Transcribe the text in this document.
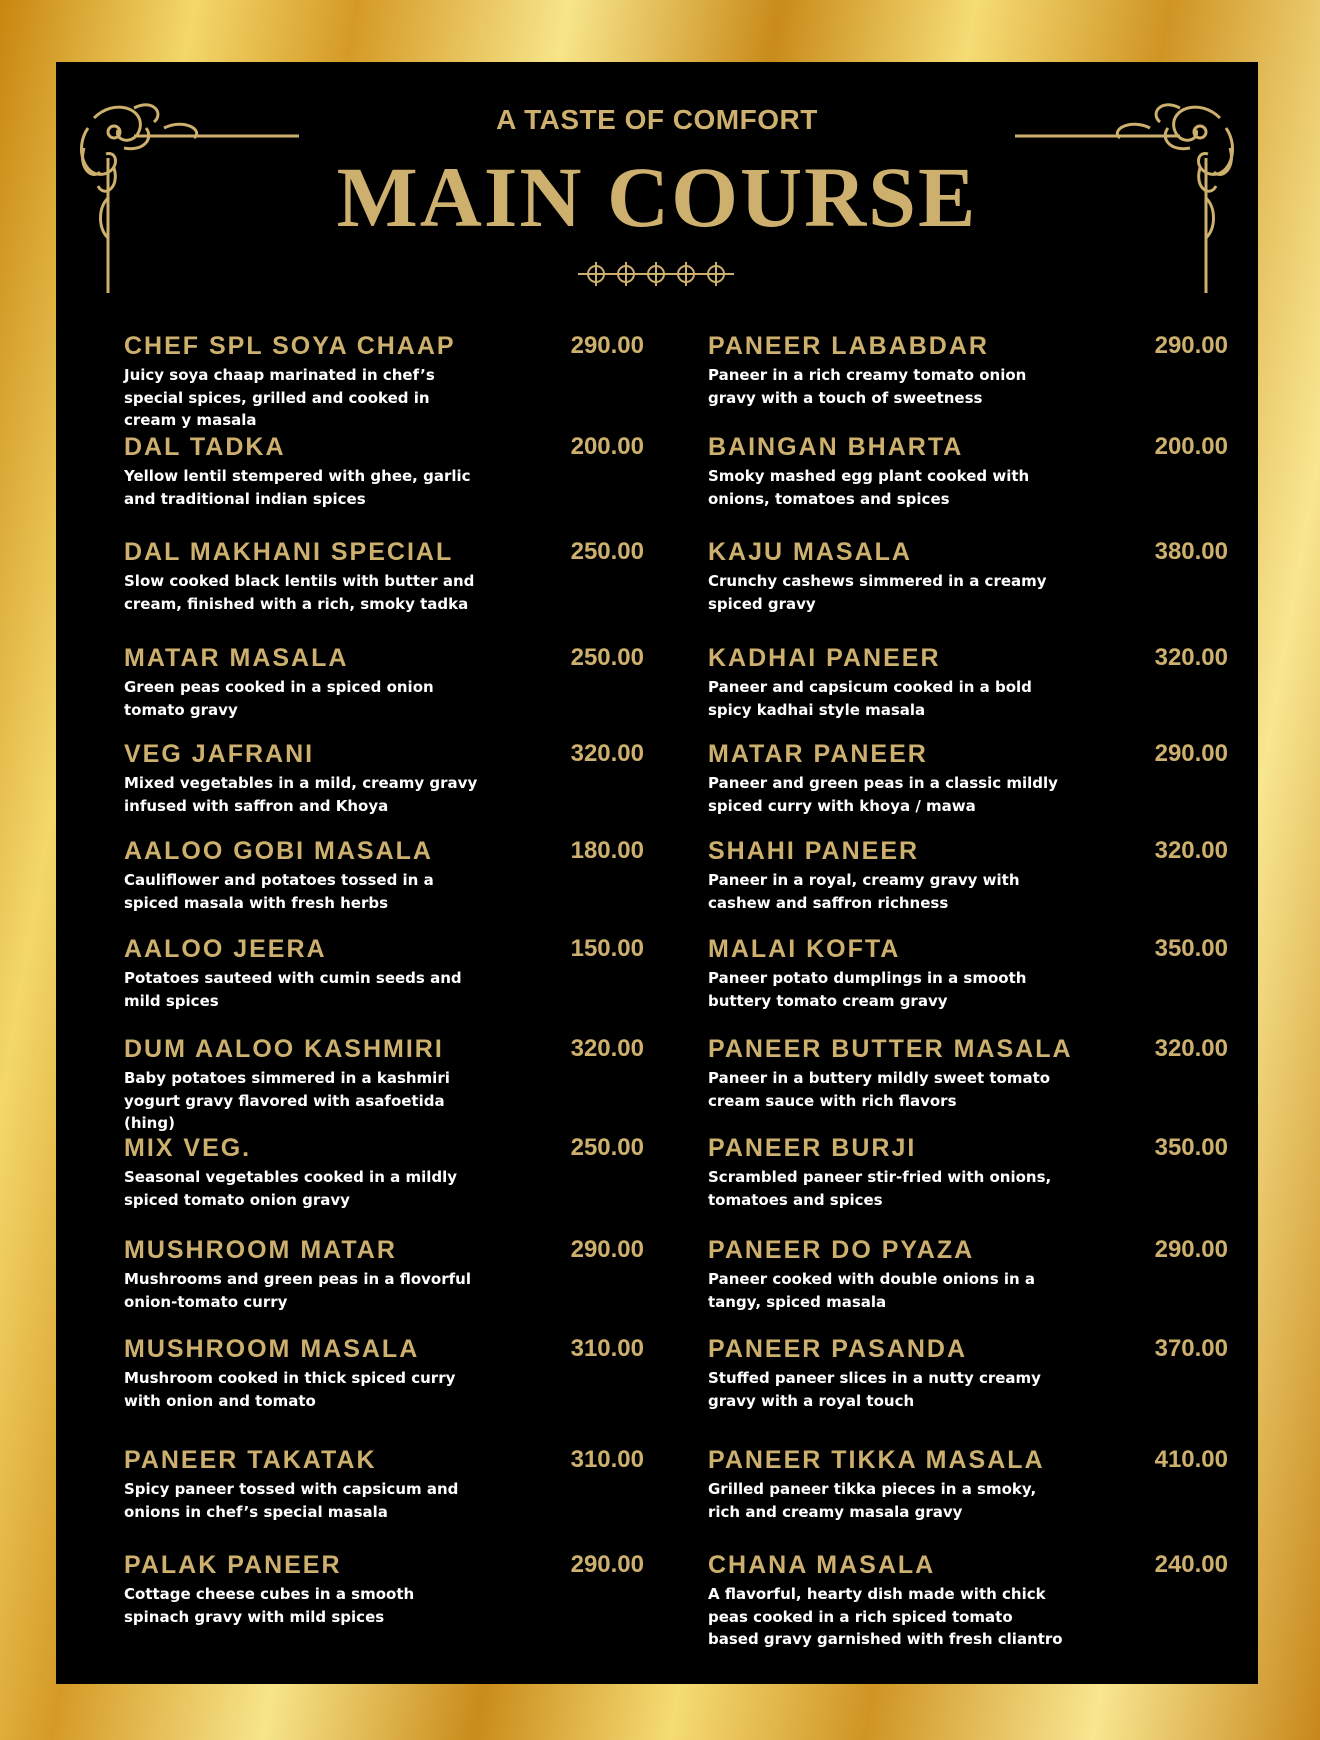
A TASTE OF COMFORT
MAIN COURSE
CHEF SPL SOYA CHAAP	290.00
Juicy soya chaap marinated in chef’s special spices, grilled and cooked in cream y masala
DAL TADKA	200.00
Yellow lentil stempered with ghee, garlic and traditional indian spices
DAL MAKHANI SPECIAL	250.00
Slow cooked black lentils with butter and cream, finished with a rich, smoky tadka
MATAR MASALA	250.00
Green peas cooked in a spiced onion tomato gravy
VEG JAFRANI	320.00
Mixed vegetables in a mild, creamy gravy infused with saffron and Khoya
AALOO GOBI MASALA	180.00
Cauliflower and potatoes tossed in a spiced masala with fresh herbs
AALOO JEERA	150.00
Potatoes sauteed with cumin seeds and mild spices
DUM AALOO KASHMIRI	320.00
Baby potatoes simmered in a kashmiri yogurt gravy flavored with asafoetida (hing)
MIX VEG.	250.00
Seasonal vegetables cooked in a mildly spiced tomato onion gravy
MUSHROOM MATAR	290.00
Mushrooms and green peas in a flovorful onion-tomato curry
MUSHROOM MASALA	310.00
Mushroom cooked in thick spiced curry with onion and tomato
PANEER TAKATAK	310.00
Spicy paneer tossed with capsicum and onions in chef’s special masala
PALAK PANEER	290.00
Cottage cheese cubes in a smooth spinach gravy with mild spices
PANEER LABABDAR	290.00
Paneer in a rich creamy tomato onion gravy with a touch of sweetness
BAINGAN BHARTA	200.00
Smoky mashed egg plant cooked with onions, tomatoes and spices
KAJU MASALA	380.00
Crunchy cashews simmered in a creamy spiced gravy
KADHAI PANEER	320.00
Paneer and capsicum cooked in a bold spicy kadhai style masala
MATAR PANEER	290.00
Paneer and green peas in a classic mildly spiced curry with khoya / mawa
SHAHI PANEER	320.00
Paneer in a royal, creamy gravy with cashew and saffron richness
MALAI KOFTA	350.00
Paneer potato dumplings in a smooth buttery tomato cream gravy
PANEER BUTTER MASALA	320.00
Paneer in a buttery mildly sweet tomato cream sauce with rich flavors
PANEER BURJI	350.00
Scrambled paneer stir-fried with onions, tomatoes and spices
PANEER DO PYAZA	290.00
Paneer cooked with double onions in a tangy, spiced masala
PANEER PASANDA	370.00
Stuffed paneer slices in a nutty creamy gravy with a royal touch
PANEER TIKKA MASALA	410.00
Grilled paneer tikka pieces in a smoky, rich and creamy masala gravy
CHANA MASALA	240.00
A flavorful, hearty dish made with chick peas cooked in a rich spiced tomato based gravy garnished with fresh cliantro
